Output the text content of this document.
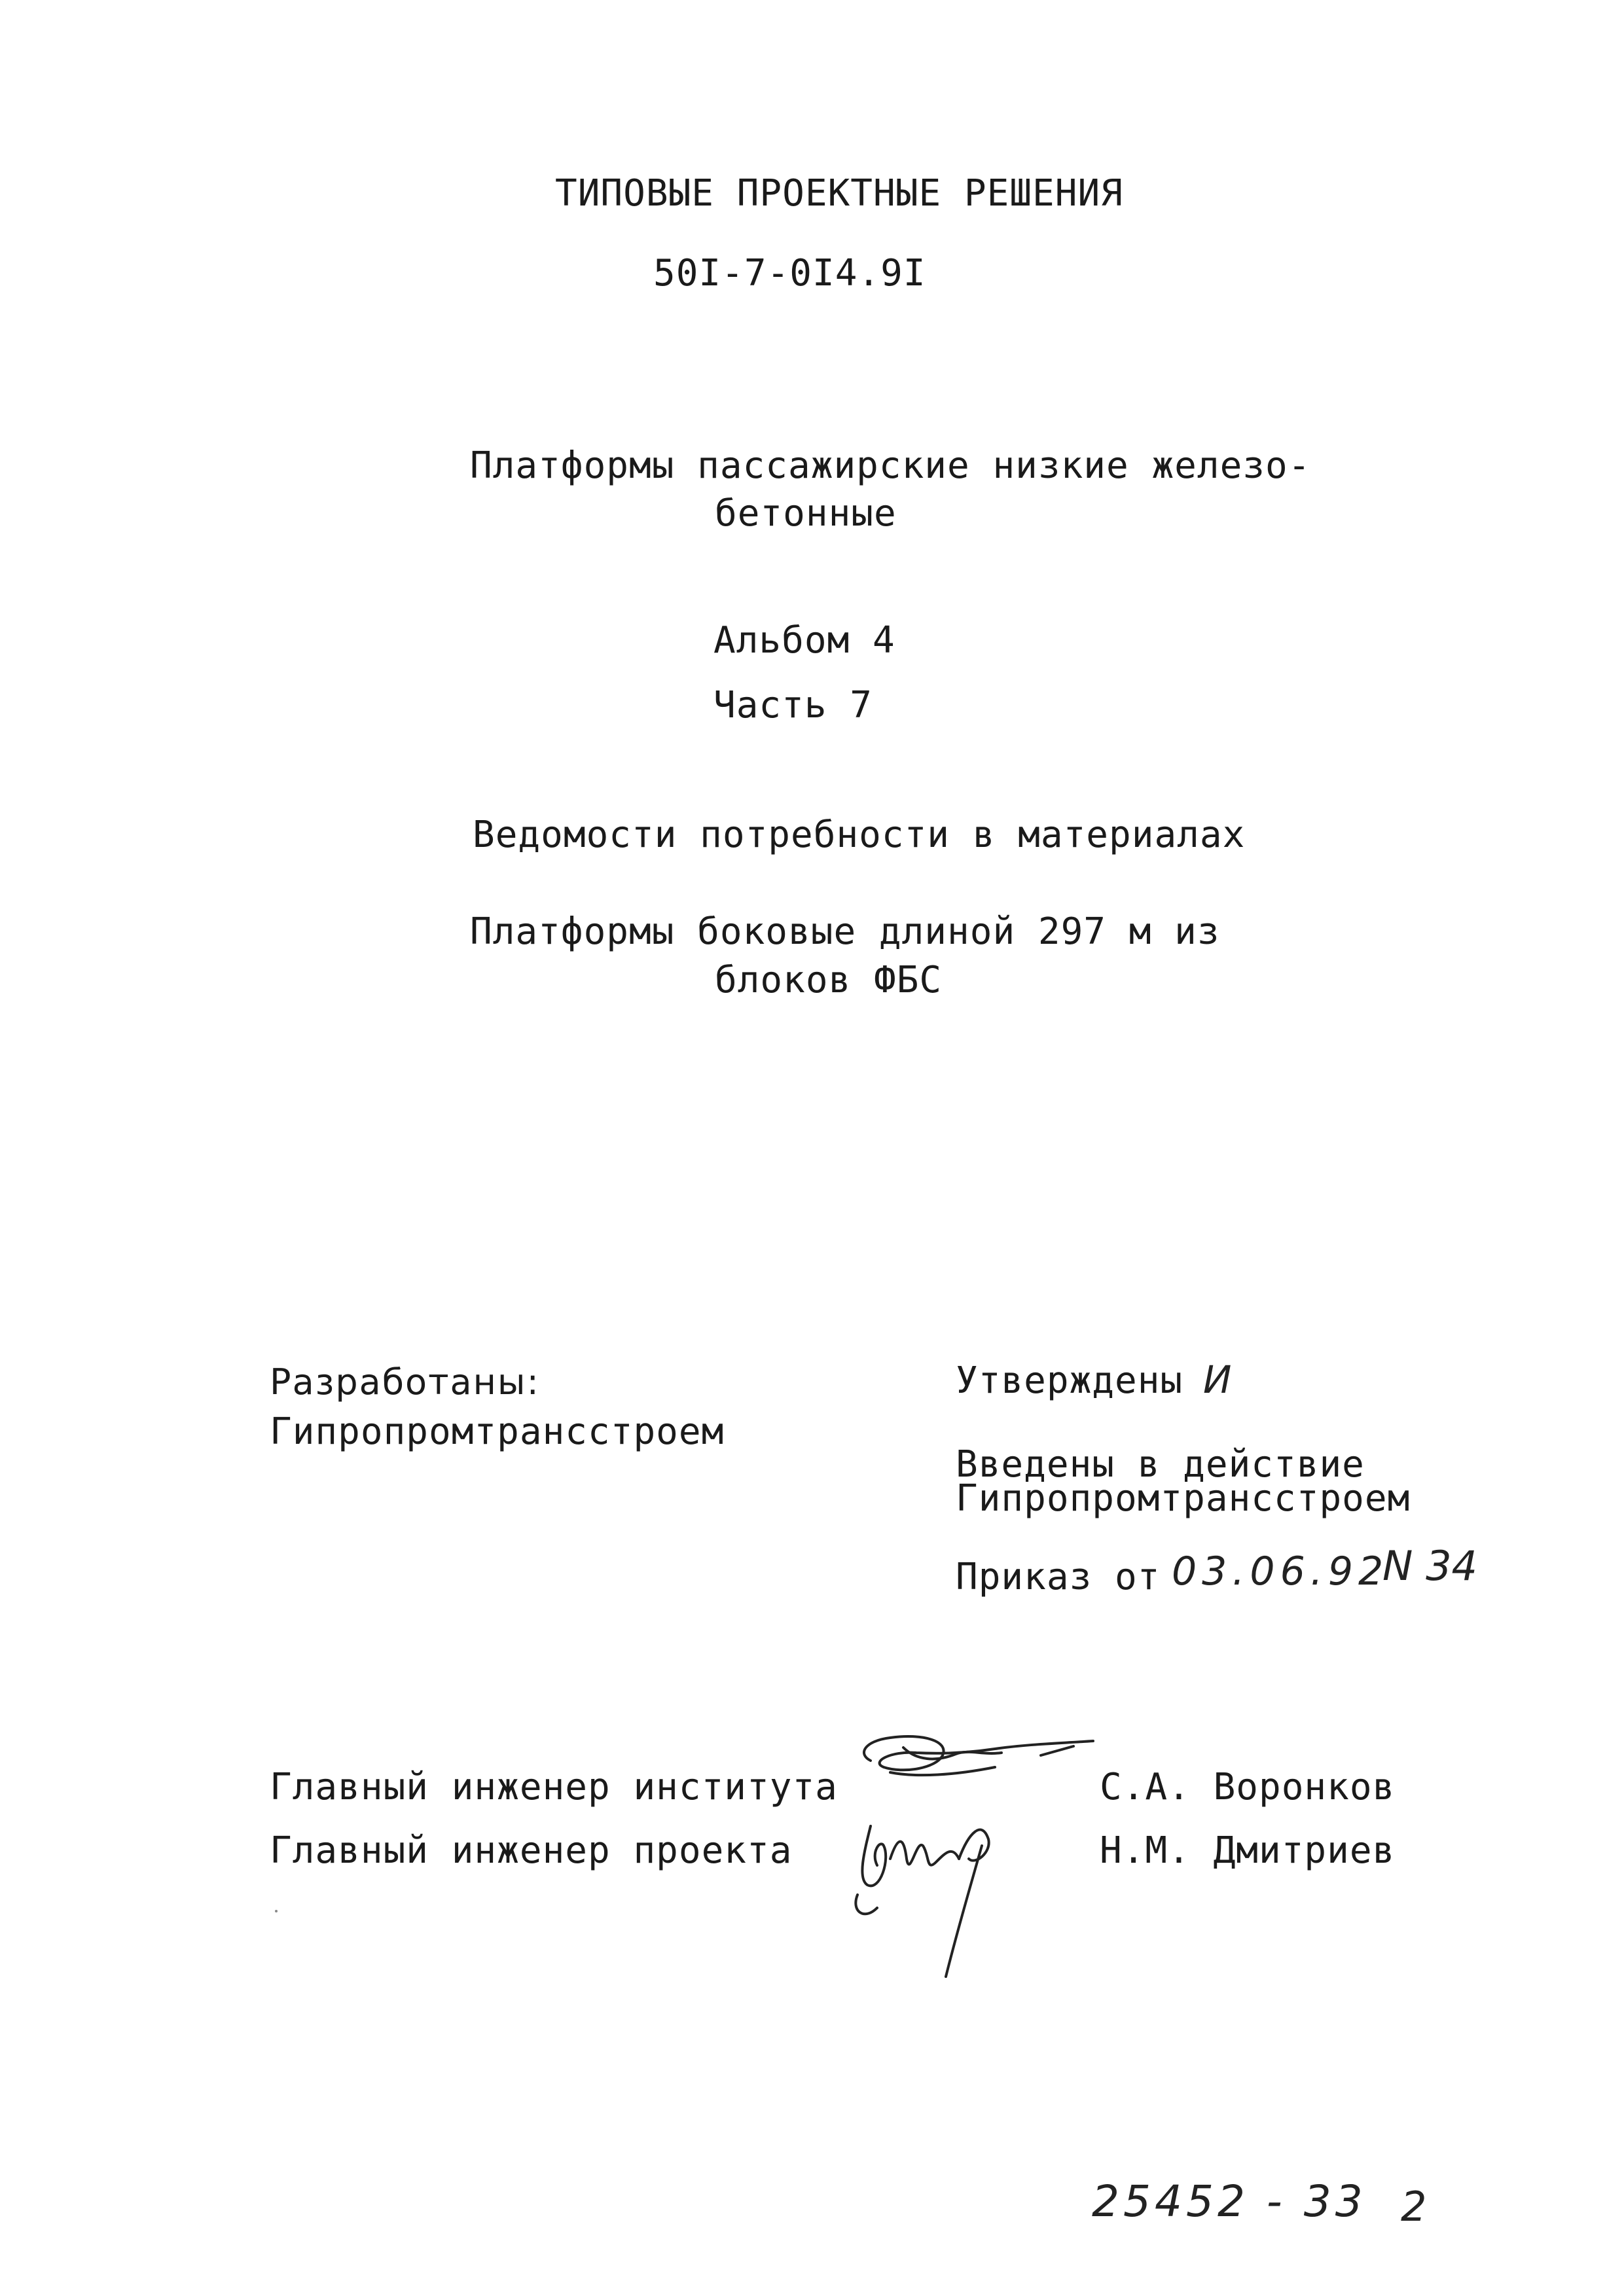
ТИПОВЫЕ ПРОЕКТНЫЕ РЕШЕНИЯ
50I-7-0I4.9I
Платформы пассажирские низкие железо-
бетонные
Альбом 4
Часть 7
Ведомости потребности в материалах
Платформы боковые длиной 297 м из
блоков ФБС
Разработаны:
Гипропромтрансстроем
Утверждены И
Введены в действие
Гипропромтрансстроем
Приказ от 03.06.92
N 34
Главный инженер института
Главный инженер проекта
С.А. Воронков
Н.М. Дмитриев
25452 - 33 2
